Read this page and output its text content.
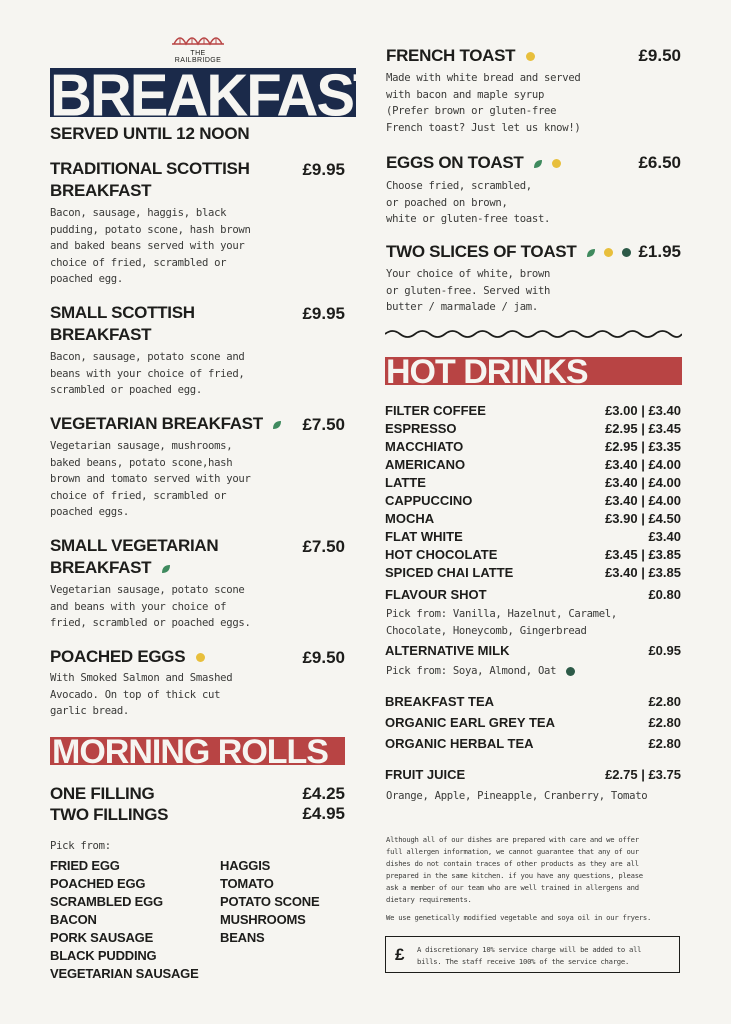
THE RAILBRIDGE
BREAKFAST
SERVED UNTIL 12 NOON
TRADITIONAL SCOTTISH
BREAKFAST
£9.95
Bacon, sausage, haggis, black
pudding, potato scone, hash brown
and baked beans served with your
choice of fried, scrambled or
poached egg.
SMALL SCOTTISH
BREAKFAST
£9.95
Bacon, sausage, potato scone and
beans with your choice of fried,
scrambled or poached egg.
VEGETARIAN BREAKFAST	£7.50
Vegetarian sausage, mushrooms,
baked beans, potato scone,hash
brown and tomato served with your
choice of fried, scrambled or
poached eggs.
SMALL VEGETARIAN
BREAKFAST
£7.50
Vegetarian sausage, potato scone
and beans with your choice of
fried, scrambled or poached eggs.
POACHED EGGS	£9.50
With Smoked Salmon and Smashed
Avocado. On top of thick cut
garlic bread.
MORNING ROLLS
ONE FILLING	£4.25
TWO FILLINGS	£4.95
Pick from:
FRIED EGG
POACHED EGG
SCRAMBLED EGG
BACON
PORK SAUSAGE
BLACK PUDDING
VEGETARIAN SAUSAGE
HAGGIS
TOMATO
POTATO SCONE
MUSHROOMS
BEANS
FRENCH TOAST	£9.50
Made with white bread and served
with bacon and maple syrup
(Prefer brown or gluten-free
French toast? Just let us know!)
EGGS ON TOAST	£6.50
Choose fried, scrambled,
or poached on brown,
white or gluten-free toast.
TWO SLICES OF TOAST	£1.95
Your choice of white, brown
or gluten-free. Served with
butter / marmalade / jam.
HOT DRINKS
FILTER COFFEE	£3.00 | £3.40
ESPRESSO	£2.95 | £3.45
MACCHIATO	£2.95 | £3.35
AMERICANO	£3.40 | £4.00
LATTE	£3.40 | £4.00
CAPPUCCINO	£3.40 | £4.00
MOCHA	£3.90 | £4.50
FLAT WHITE	£3.40
HOT CHOCOLATE	£3.45 | £3.85
SPICED CHAI LATTE	£3.40 | £3.85
FLAVOUR SHOT	£0.80
Pick from: Vanilla, Hazelnut, Caramel,
Chocolate, Honeycomb, Gingerbread
ALTERNATIVE MILK	£0.95
Pick from: Soya, Almond, Oat
BREAKFAST TEA	£2.80
ORGANIC EARL GREY TEA	£2.80
ORGANIC HERBAL TEA	£2.80
FRUIT JUICE	£2.75 | £3.75
Orange, Apple, Pineapple, Cranberry, Tomato
Although all of our dishes are prepared with care and we offer
full allergen information, we cannot guarantee that any of our
dishes do not contain traces of other products as they are all
prepared in the same kitchen. if you have any questions, please
ask a member of our team who are well trained in allergens and
dietary requirements.
We use genetically modified vegetable and soya oil in our fryers.
£ A discretionary 10% service charge will be added to all
bills. The staff receive 100% of the service charge.
